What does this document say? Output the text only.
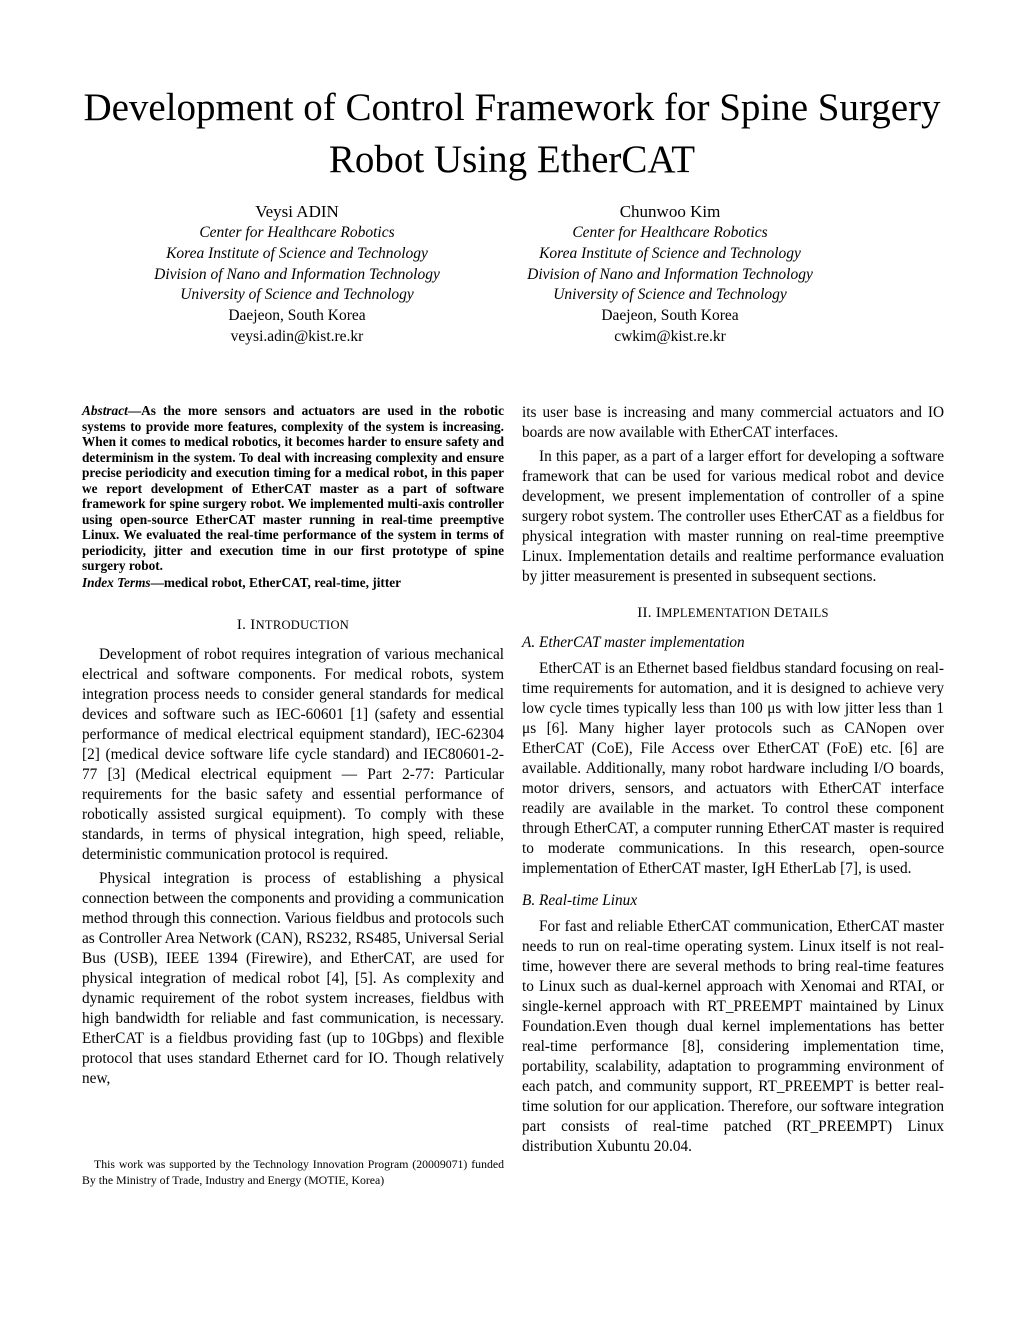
Development of Control Framework for Spine Surgery Robot Using EtherCAT
Veysi ADIN
Center for Healthcare Robotics
Korea Institute of Science and Technology
Division of Nano and Information Technology
University of Science and Technology
Daejeon, South Korea
veysi.adin@kist.re.kr
Chunwoo Kim
Center for Healthcare Robotics
Korea Institute of Science and Technology
Division of Nano and Information Technology
University of Science and Technology
Daejeon, South Korea
cwkim@kist.re.kr
Abstract—As the more sensors and actuators are used in the robotic systems to provide more features, complexity of the system is increasing. When it comes to medical robotics, it becomes harder to ensure safety and determinism in the system. To deal with increasing complexity and ensure precise periodicity and execution timing for a medical robot, in this paper we report development of EtherCAT master as a part of software framework for spine surgery robot. We implemented multi-axis controller using open-source EtherCAT master running in real-time preemptive Linux. We evaluated the real-time performance of the system in terms of periodicity, jitter and execution time in our first prototype of spine surgery robot.
Index Terms—medical robot, EtherCAT, real-time, jitter
I. INTRODUCTION

Development of robot requires integration of various mechanical electrical and software components. For medical robots, system integration process needs to consider general standards for medical devices and software such as IEC-60601 [1] (safety and essential performance of medical electrical equipment standard), IEC-62304 [2] (medical device software life cycle standard) and IEC80601-2-77 [3] (Medical electrical equipment — Part 2-77: Particular requirements for the basic safety and essential performance of robotically assisted surgical equipment). To comply with these standards, in terms of physical integration, high speed, reliable, deterministic communication protocol is required.

Physical integration is process of establishing a physical connection between the components and providing a communication method through this connection. Various fieldbus and protocols such as Controller Area Network (CAN), RS232, RS485, Universal Serial Bus (USB), IEEE 1394 (Firewire), and EtherCAT, are used for physical integration of medical robot [4], [5]. As complexity and dynamic requirement of the robot system increases, fieldbus with high bandwidth for reliable and fast communication, is necessary. EtherCAT is a fieldbus providing fast (up to 10Gbps) and flexible protocol that uses standard Ethernet card for IO. Though relatively new,

its user base is increasing and many commercial actuators and IO boards are now available with EtherCAT interfaces.

In this paper, as a part of a larger effort for developing a software framework that can be used for various medical robot and device development, we present implementation of controller of a spine surgery robot system. The controller uses EtherCAT as a fieldbus for physical integration with master running on real-time preemptive Linux. Implementation details and realtime performance evaluation by jitter measurement is presented in subsequent sections.

II. IMPLEMENTATION DETAILS
A. EtherCAT master implementation

EtherCAT is an Ethernet based fieldbus standard focusing on real-time requirements for automation, and it is designed to achieve very low cycle times typically less than 100 μs with low jitter less than 1 μs [6]. Many higher layer protocols such as CANopen over EtherCAT (CoE), File Access over EtherCAT (FoE) etc. [6] are available. Additionally, many robot hardware including I/O boards, motor drivers, sensors, and actuators with EtherCAT interface readily are available in the market. To control these component through EtherCAT, a computer running EtherCAT master is required to moderate communications. In this research, open-source implementation of EtherCAT master, IgH EtherLab [7], is used.

B. Real-time Linux

For fast and reliable EtherCAT communication, EtherCAT master needs to run on real-time operating system. Linux itself is not real-time, however there are several methods to bring real-time features to Linux such as dual-kernel approach with Xenomai and RTAI, or single-kernel approach with RT_PREEMPT maintained by Linux Foundation.Even though dual kernel implementations has better real-time performance [8], considering implementation time, portability, scalability, adaptation to programming environment of each patch, and community support, RT_PREEMPT is better real-time solution for our application. Therefore, our software integration part consists of real-time patched (RT_PREEMPT) Linux distribution Xubuntu 20.04.

This work was supported by the Technology Innovation Program (20009071) funded By the Ministry of Trade, Industry and Energy (MOTIE, Korea)
